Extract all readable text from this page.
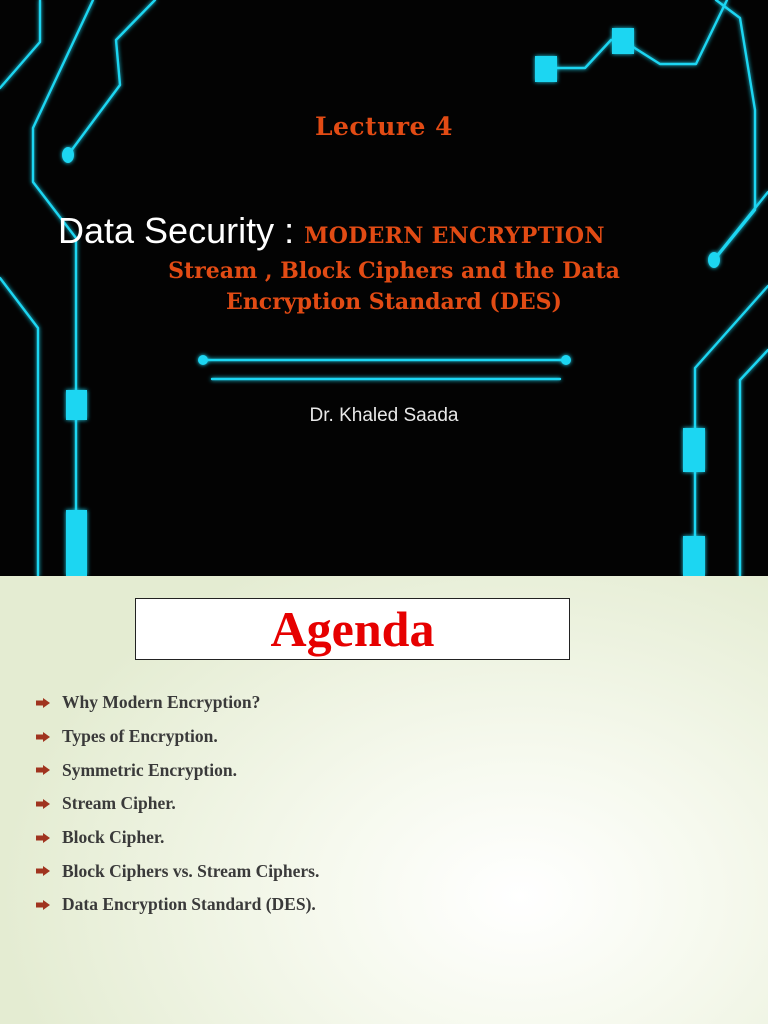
Lecture 4
Data Security : MODERN ENCRYPTION
Stream , Block Ciphers and the Data
Encryption Standard (DES)
Dr. Khaled Saada
Agenda
Why Modern Encryption?
Types of Encryption.
Symmetric Encryption.
Stream Cipher.
Block Cipher.
Block Ciphers vs. Stream Ciphers.
Data Encryption Standard (DES).
